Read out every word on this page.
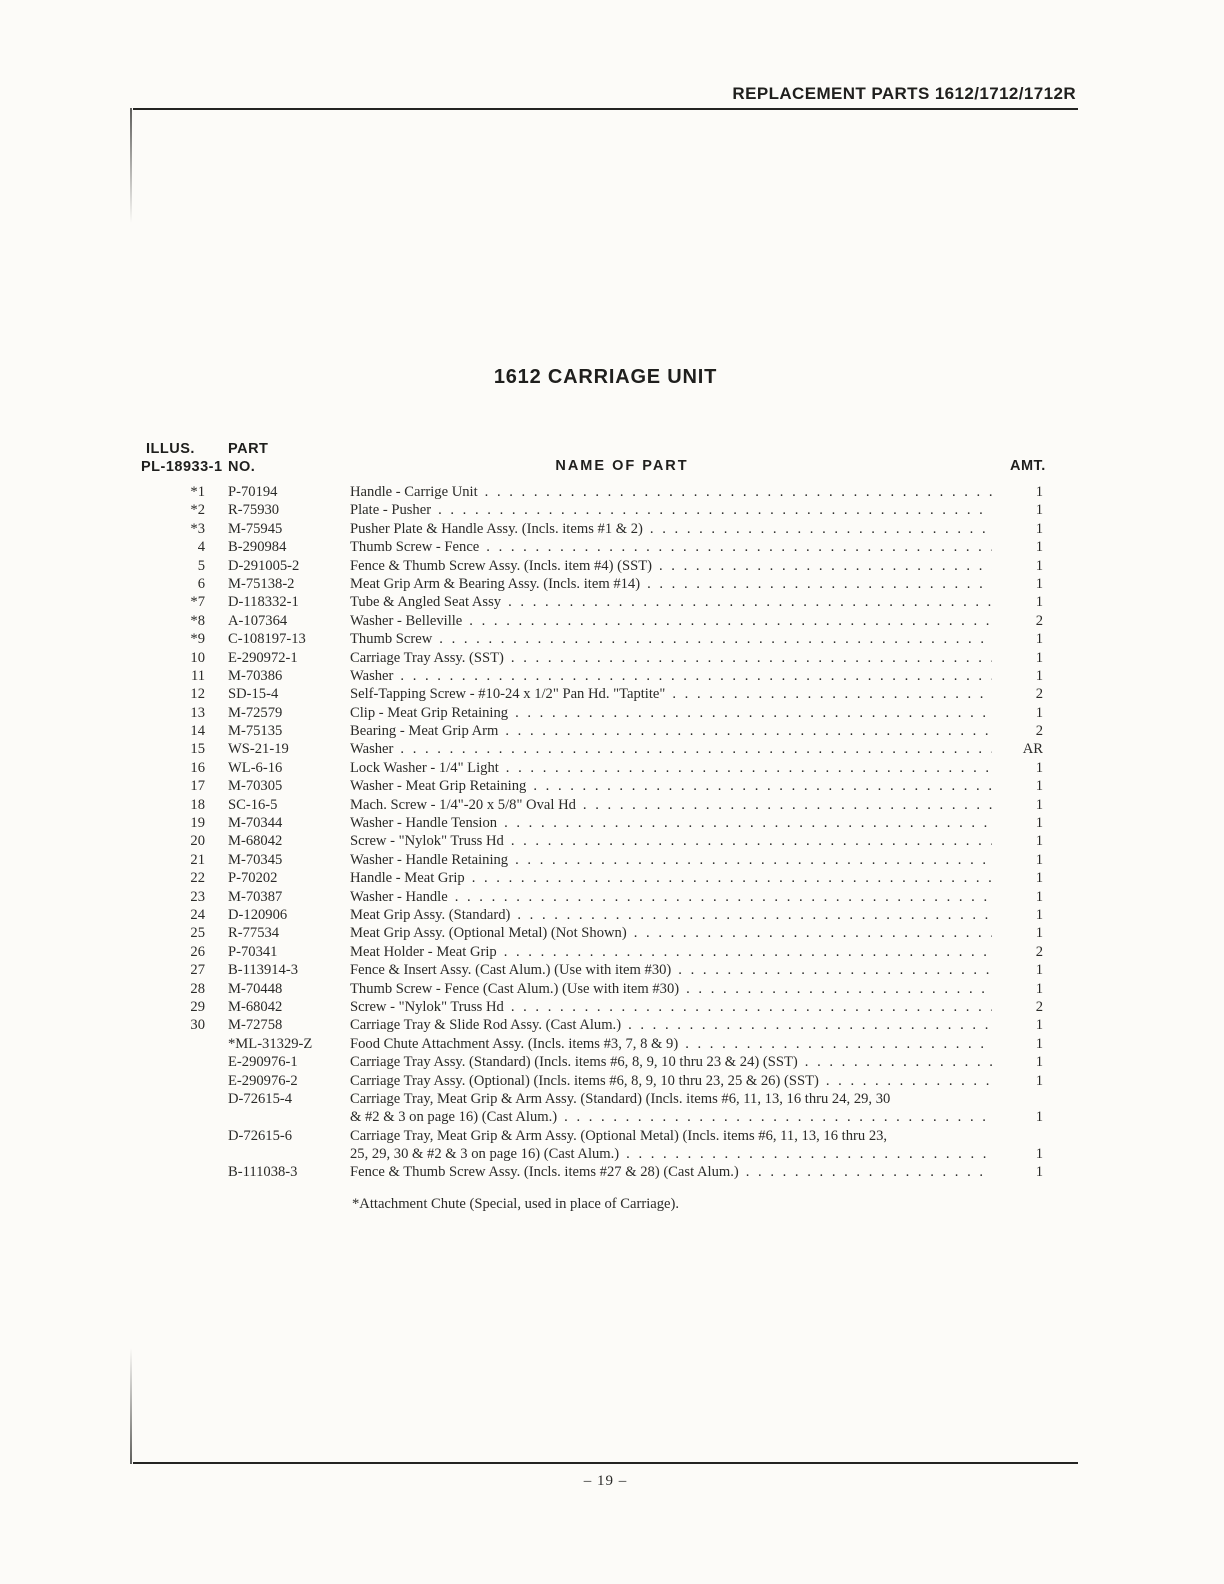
REPLACEMENT PARTS 1612/1712/1712R
1612 CARRIAGE UNIT
ILLUS.
PL-18933-1
PART
NO.	NAME OF PART	AMT.
*1 P-70194	Handle - Carrige Unit . . .	1
*2 R-75930	Plate - Pusher . . .	1
*3 M-75945	Pusher Plate & Handle Assy. (Incls. items #1 & 2) . . .	1
4 B-290984	Thumb Screw - Fence . . .	1
5 D-291005-2	Fence & Thumb Screw Assy. (Incls. item #4) (SST) . . .	1
6 M-75138-2	Meat Grip Arm & Bearing Assy. (Incls. item #14) . . .	1
*7 D-118332-1	Tube & Angled Seat Assy . . .	1
*8 A-107364	Washer - Belleville . . .	2
*9 C-108197-13	Thumb Screw . . .	1
10 E-290972-1	Carriage Tray Assy. (SST) . . .	1
11 M-70386	Washer . . .	1
12 SD-15-4	Self-Tapping Screw - #10-24 x 1/2" Pan Hd. "Taptite" . . .	2
13 M-72579	Clip - Meat Grip Retaining . . .	1
14 M-75135	Bearing - Meat Grip Arm . . .	2
15 WS-21-19	Washer . . .	AR
16 WL-6-16	Lock Washer - 1/4" Light . . .	1
17 M-70305	Washer - Meat Grip Retaining . . .	1
18 SC-16-5	Mach. Screw - 1/4"-20 x 5/8" Oval Hd . . .	1
19 M-70344	Washer - Handle Tension . . .	1
20 M-68042	Screw - "Nylok" Truss Hd . . .	1
21 M-70345	Washer - Handle Retaining . . .	1
22 P-70202	Handle - Meat Grip . . .	1
23 M-70387	Washer - Handle . . .	1
24 D-120906	Meat Grip Assy. (Standard) . . .	1
25 R-77534	Meat Grip Assy. (Optional Metal) (Not Shown) . . .	1
26 P-70341	Meat Holder - Meat Grip . . .	2
27 B-113914-3	Fence & Insert Assy. (Cast Alum.) (Use with item #30) . . .	1
28 M-70448	Thumb Screw - Fence (Cast Alum.) (Use with item #30) . . .	1
29 M-68042	Screw - "Nylok" Truss Hd . . .	2
30 M-72758	Carriage Tray & Slide Rod Assy. (Cast Alum.) . . .	1
*ML-31329-Z	Food Chute Attachment Assy. (Incls. items #3, 7, 8 & 9) . . .	1
E-290976-1	Carriage Tray Assy. (Standard) (Incls. items #6, 8, 9, 10 thru 23 & 24) (SST) . . .	1
E-290976-2	Carriage Tray Assy. (Optional) (Incls. items #6, 8, 9, 10 thru 23, 25 & 26) (SST) . . .	1
D-72615-4	Carriage Tray, Meat Grip & Arm Assy. (Standard) (Incls. items #6, 11, 13, 16 thru 24, 29, 30
& #2 & 3 on page 16) (Cast Alum.) . . .	1
D-72615-6	Carriage Tray, Meat Grip & Arm Assy. (Optional Metal) (Incls. items #6, 11, 13, 16 thru 23,
25, 29, 30 & #2 & 3 on page 16) (Cast Alum.) . . .	1
B-111038-3	Fence & Thumb Screw Assy. (Incls. items #27 & 28) (Cast Alum.) . . .	1
*Attachment Chute (Special, used in place of Carriage).
– 19 –
